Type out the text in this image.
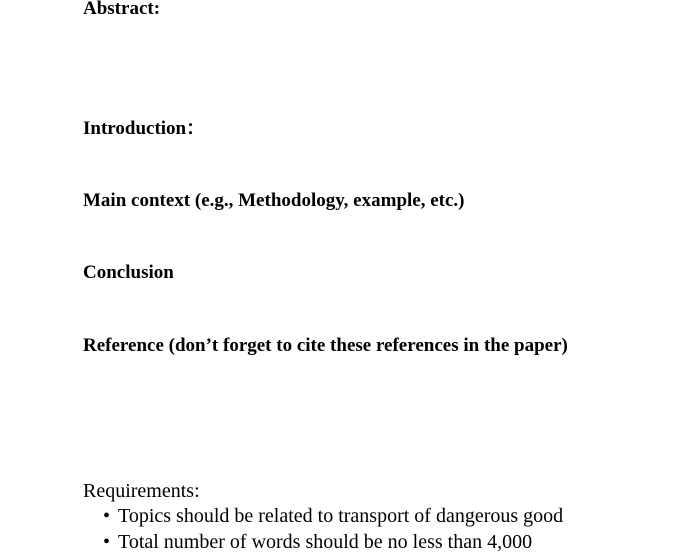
Abstract:
Introduction：
Main context (e.g., Methodology, example, etc.)
Conclusion
Reference (don’t forget to cite these references in the paper)
Requirements:
• Topics should be related to transport of dangerous good
• Total number of words should be no less than 4,000
